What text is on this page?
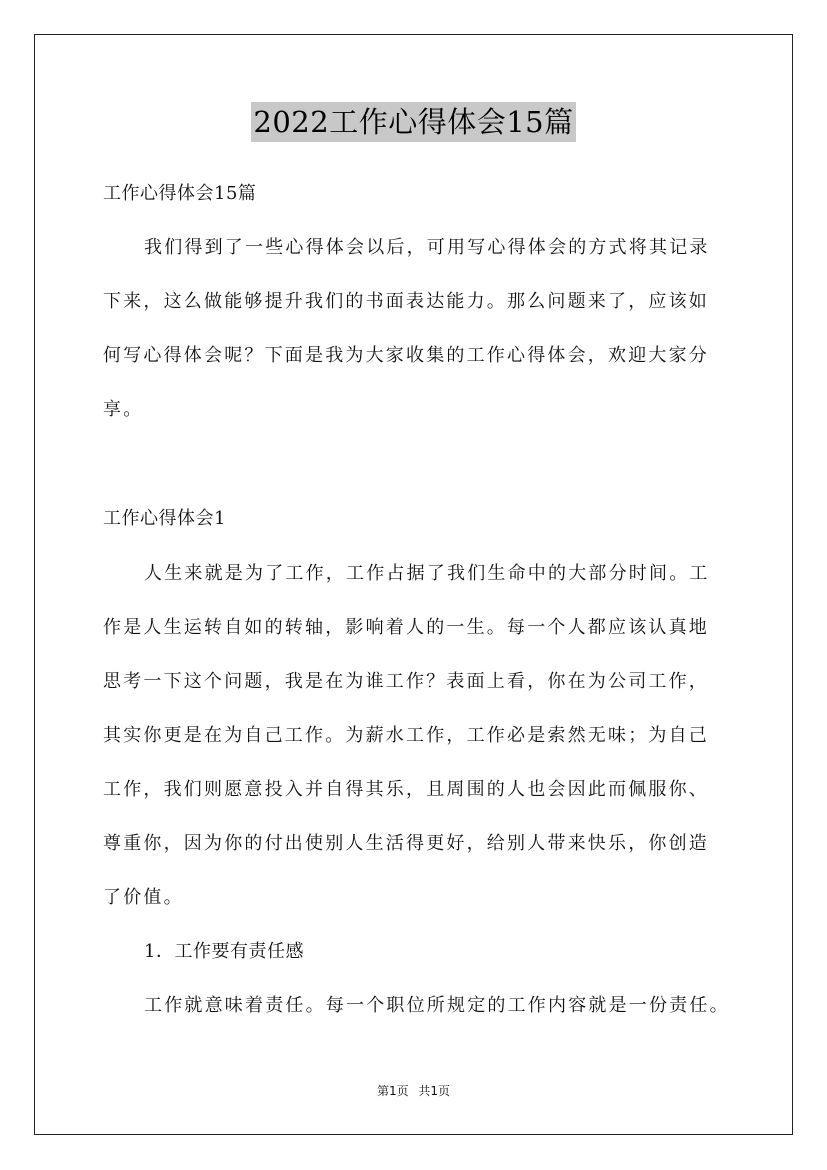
2022工作心得体会15篇
工作心得体会15篇
我们得到了一些心得体会以后，可用写心得体会的方式将其记录
下来，这么做能够提升我们的书面表达能力。那么问题来了，应该如
何写心得体会呢？下面是我为大家收集的工作心得体会，欢迎大家分
享。
工作心得体会1
人生来就是为了工作，工作占据了我们生命中的大部分时间。工
作是人生运转自如的转轴，影响着人的一生。每一个人都应该认真地
思考一下这个问题，我是在为谁工作？表面上看，你在为公司工作，
其实你更是在为自己工作。为薪水工作，工作必是索然无味；为自己
工作，我们则愿意投入并自得其乐，且周围的人也会因此而佩服你、
尊重你，因为你的付出使别人生活得更好，给别人带来快乐，你创造
了价值。
1．工作要有责任感
工作就意味着责任。每一个职位所规定的工作内容就是一份责任。
第1页 共1页
